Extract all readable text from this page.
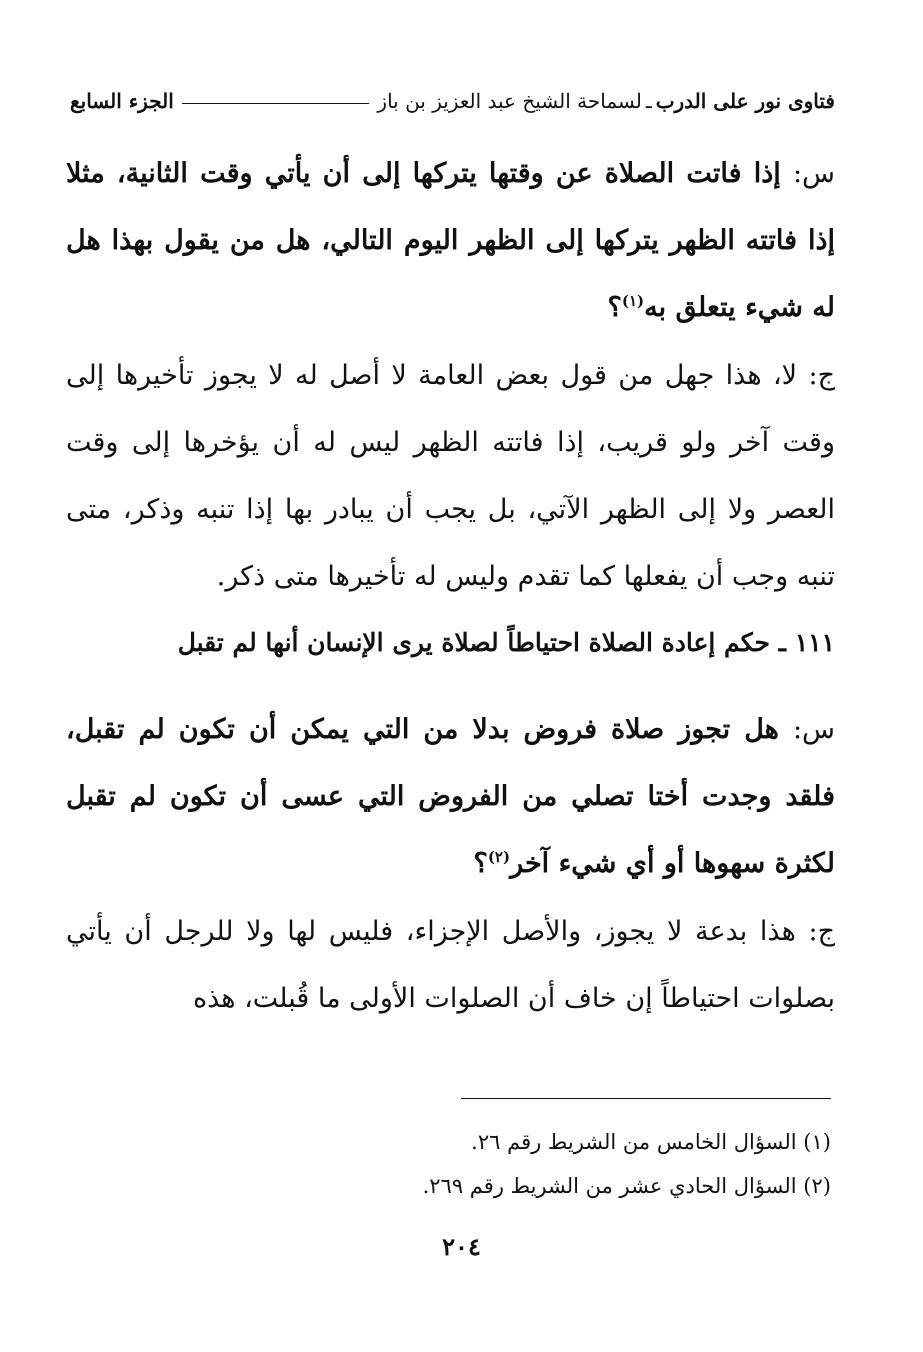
فتاوى نور على الدرب
ـ
لسماحة الشيخ عبد العزيز بن باز
الجزء السابع
س: إذا فاتت الصلاة عن وقتها يتركها إلى أن يأتي وقت الثانية، مثلا إذا فاتته الظهر يتركها إلى الظهر اليوم التالي، هل من يقول بهذا هل له شيء يتعلق به$^{(١)}$؟
ج: لا، هذا جهل من قول بعض العامة لا أصل له لا يجوز تأخيرها إلى وقت آخر ولو قريب، إذا فاتته الظهر ليس له أن يؤخرها إلى وقت العصر ولا إلى الظهر الآتي، بل يجب أن يبادر بها إذا تنبه وذكر، متى تنبه وجب أن يفعلها كما تقدم وليس له تأخيرها متى ذكر.
١١١ ـ حكم إعادة الصلاة احتياطاً لصلاة يرى الإنسان أنها لم تقبل
س: هل تجوز صلاة فروض بدلا من التي يمكن أن تكون لم تقبل، فلقد وجدت أختا تصلي من الفروض التي عسى أن تكون لم تقبل لكثرة سهوها أو أي شيء آخر$^{(٢)}$؟
ج: هذا بدعة لا يجوز، والأصل الإجزاء، فليس لها ولا للرجل أن يأتي بصلوات احتياطاً إن خاف أن الصلوات الأولى ما قُبلت، هذه
(١) السؤال الخامس من الشريط رقم ٢٦.
(٢) السؤال الحادي عشر من الشريط رقم ٢٦٩.
٢٠٤
